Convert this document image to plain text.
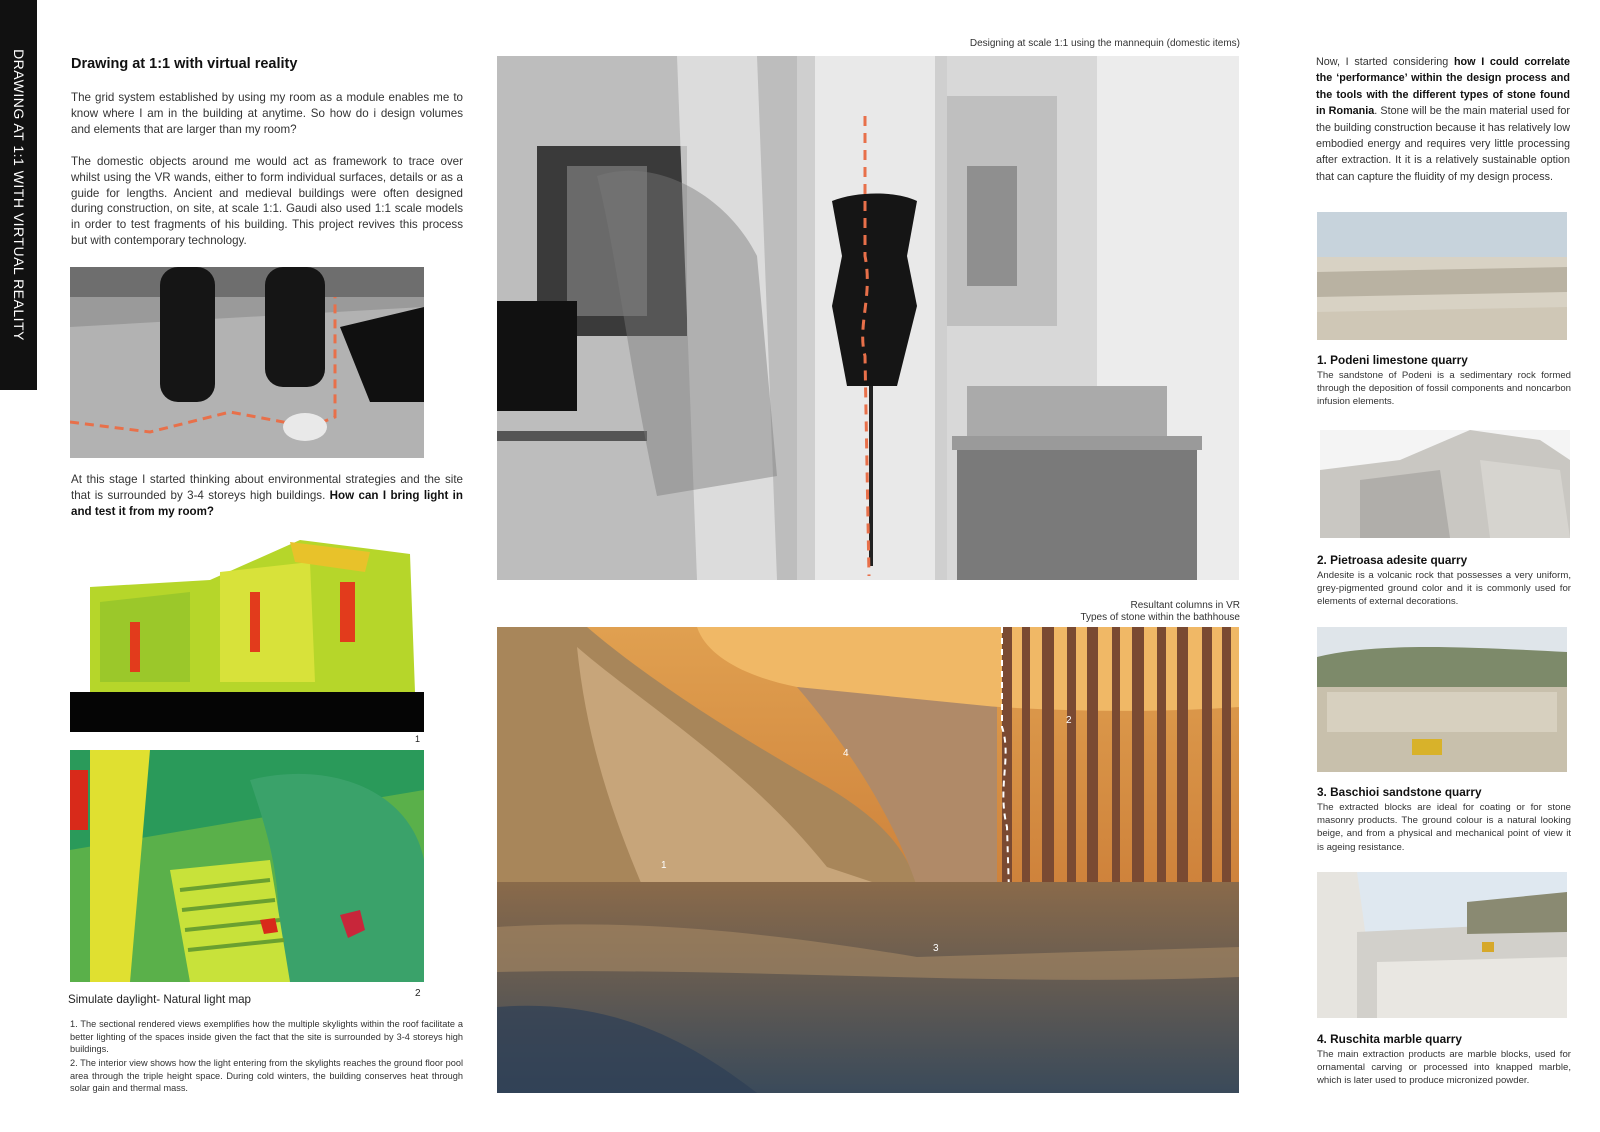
DRAWING AT 1:1 WITH VIRTUAL REALITY	Drawing at 1:1 with virtual reality

The grid system established by using my room as a module enables me to know where I am in the building at anytime. So how do i design volumes and elements that are larger than my room?

The domestic objects around me would act as framework to trace over whilst using the VR wands, either to form individual surfaces, details or as a guide for lengths. Ancient and medieval buildings were often designed during construction, on site, at scale 1:1. Gaudi also used 1:1 scale models in order to test fragments of his building. This project revives this process but with contemporary technology.

At this stage I started thinking about environmental strategies and the site that is surrounded by 3-4 storeys high buildings. How can I bring light in and test it from my room?

1
Simulate daylight- Natural light map	2

1. The sectional rendered views exemplifies how the multiple skylights within the roof facilitate a better lighting of the spaces inside given the fact that the site is surrounded by 3-4 storeys high buildings.

2. The interior view shows how the light entering from the skylights reaches the ground floor pool area through the triple height space. During cold winters, the building conserves heat through solar gain and thermal mass.

Designing at scale 1:1 using the mannequin (domestic items)
Resultant columns in VR
Types of stone within the bathhouse
1
2
3
4

Now, I started considering how I could correlate the ‘performance’ within the design process and the tools with the different types of stone found in Romania. Stone will be the main material used for the building construction because it has relatively low embodied energy and requires very little processing after extraction. It it is a relatively sustainable option that can capture the fluidity of my design process.

1. Podeni limestone quarry

The sandstone of Podeni is a sedimentary rock formed through the deposition of fossil components and noncarbon infusion elements.

2. Pietroasa adesite quarry

Andesite is a volcanic rock that possesses a very uniform, grey-pigmented ground color and it is commonly used for elements of external decorations.

3. Baschioi sandstone quarry

The extracted blocks are ideal for coating or for stone masonry products. The ground colour is a natural looking beige, and from a physical and mechanical point of view it is ageing resistance.

4. Ruschita marble quarry

The main extraction products are marble blocks, used for ornamental carving or processed into knapped marble, which is later used to produce micronized powder.
